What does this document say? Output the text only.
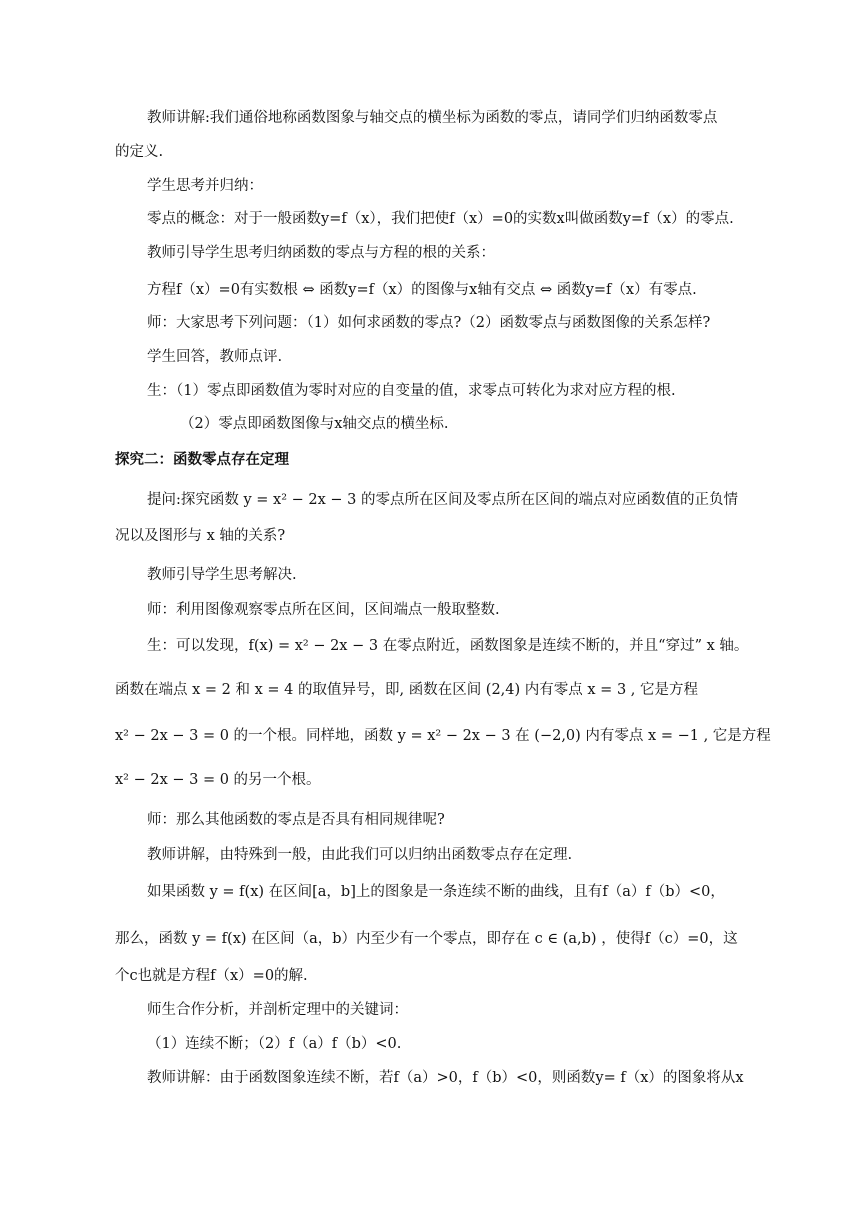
教师讲解:我们通俗地称函数图象与轴交点的横坐标为函数的零点，请同学们归纳函数零点
的定义.
学生思考并归纳：
零点的概念：对于一般函数y=f（x），我们把使f（x）=0的实数x叫做函数y=f（x）的零点.
教师引导学生思考归纳函数的零点与方程的根的关系：
方程f（x）=0有实数根 ⇔ 函数y=f（x）的图像与x轴有交点 ⇔ 函数y=f（x）有零点.
师：大家思考下列问题：（1）如何求函数的零点?（2）函数零点与函数图像的关系怎样?
学生回答，教师点评.
生：（1）零点即函数值为零时对应的自变量的值，求零点可转化为求对应方程的根.
（2）零点即函数图像与x轴交点的横坐标.
探究二：函数零点存在定理
提问:探究函数 y = x² − 2x − 3 的零点所在区间及零点所在区间的端点对应函数值的正负情
况以及图形与 x 轴的关系?
教师引导学生思考解决.
师：利用图像观察零点所在区间，区间端点一般取整数.
生：可以发现，f(x) = x² − 2x − 3 在零点附近，函数图象是连续不断的，并且“穿过” x 轴。
函数在端点 x = 2 和 x = 4 的取值异号，即, 函数在区间 (2,4) 内有零点 x = 3 , 它是方程
x² − 2x − 3 = 0 的一个根。同样地，函数 y = x² − 2x − 3 在 (−2,0) 内有零点 x = −1 , 它是方程
x² − 2x − 3 = 0 的另一个根。
师：那么其他函数的零点是否具有相同规律呢?
教师讲解，由特殊到一般，由此我们可以归纳出函数零点存在定理.
如果函数 y = f(x) 在区间[a，b]上的图象是一条连续不断的曲线，且有f（a）f（b）<0，
那么，函数 y = f(x) 在区间（a，b）内至少有一个零点，即存在 c ∈ (a,b) ，使得f（c）=0，这
个c也就是方程f（x）=0的解.
师生合作分析，并剖析定理中的关键词：
（1）连续不断；（2）f（a）f（b）<0.
教师讲解：由于函数图象连续不断，若f（a）>0，f（b）<0，则函数y= f（x）的图象将从x
